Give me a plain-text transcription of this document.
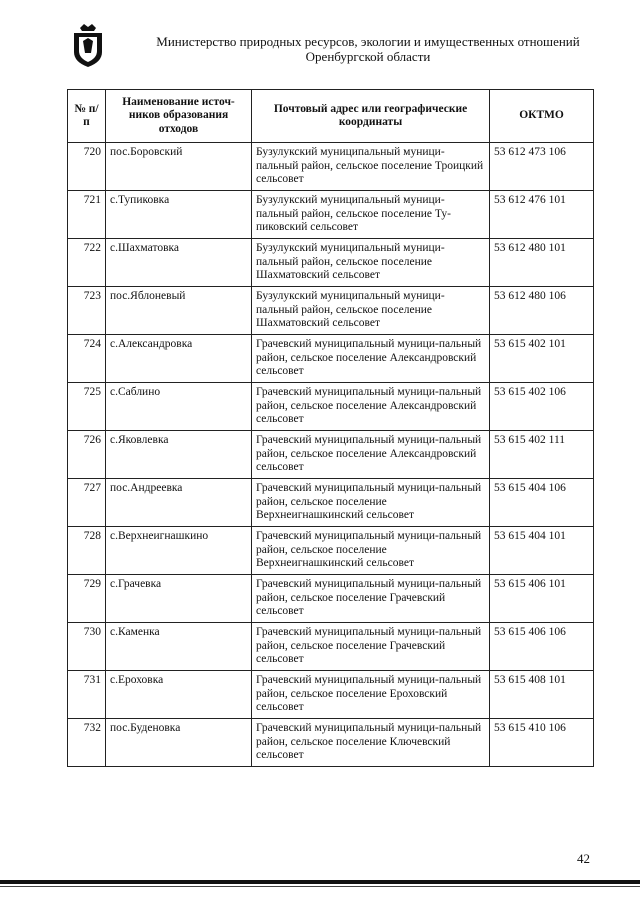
Министерство природных ресурсов, экологии и имущественных отношений
Оренбургской области
№ п/п	Наименование источ-ников образования отходов	Почтовый адрес или географические координаты	ОКТМО
720	пос.Боровский	Бузулукский муниципальный муници-пальный район, сельское поселение Троицкий сельсовет	53 612 473 106
721	с.Тупиковка	Бузулукский муниципальный муници-пальный район, сельское поселение Ту-пиковский сельсовет	53 612 476 101
722	с.Шахматовка	Бузулукский муниципальный муници-пальный район, сельское поселение Шахматовский сельсовет	53 612 480 101
723	пос.Яблоневый	Бузулукский муниципальный муници-пальный район, сельское поселение Шахматовский сельсовет	53 612 480 106
724	с.Александровка	Грачевский муниципальный муници-пальный район, сельское поселение Александровский сельсовет	53 615 402 101
725	с.Саблино	Грачевский муниципальный муници-пальный район, сельское поселение Александровский сельсовет	53 615 402 106
726	с.Яковлевка	Грачевский муниципальный муници-пальный район, сельское поселение Александровский сельсовет	53 615 402 111
727	пос.Андреевка	Грачевский муниципальный муници-пальный район, сельское поселение Верхнеигнашкинский сельсовет	53 615 404 106
728	с.Верхнеигнашкино	Грачевский муниципальный муници-пальный район, сельское поселение Верхнеигнашкинский сельсовет	53 615 404 101
729	с.Грачевка	Грачевский муниципальный муници-пальный район, сельское поселение Грачевский сельсовет	53 615 406 101
730	с.Каменка	Грачевский муниципальный муници-пальный район, сельское поселение Грачевский сельсовет	53 615 406 106
731	с.Ероховка	Грачевский муниципальный муници-пальный район, сельское поселение Ероховский сельсовет	53 615 408 101
732	пос.Буденовка	Грачевский муниципальный муници-пальный район, сельское поселение Ключевский сельсовет	53 615 410 106
42
